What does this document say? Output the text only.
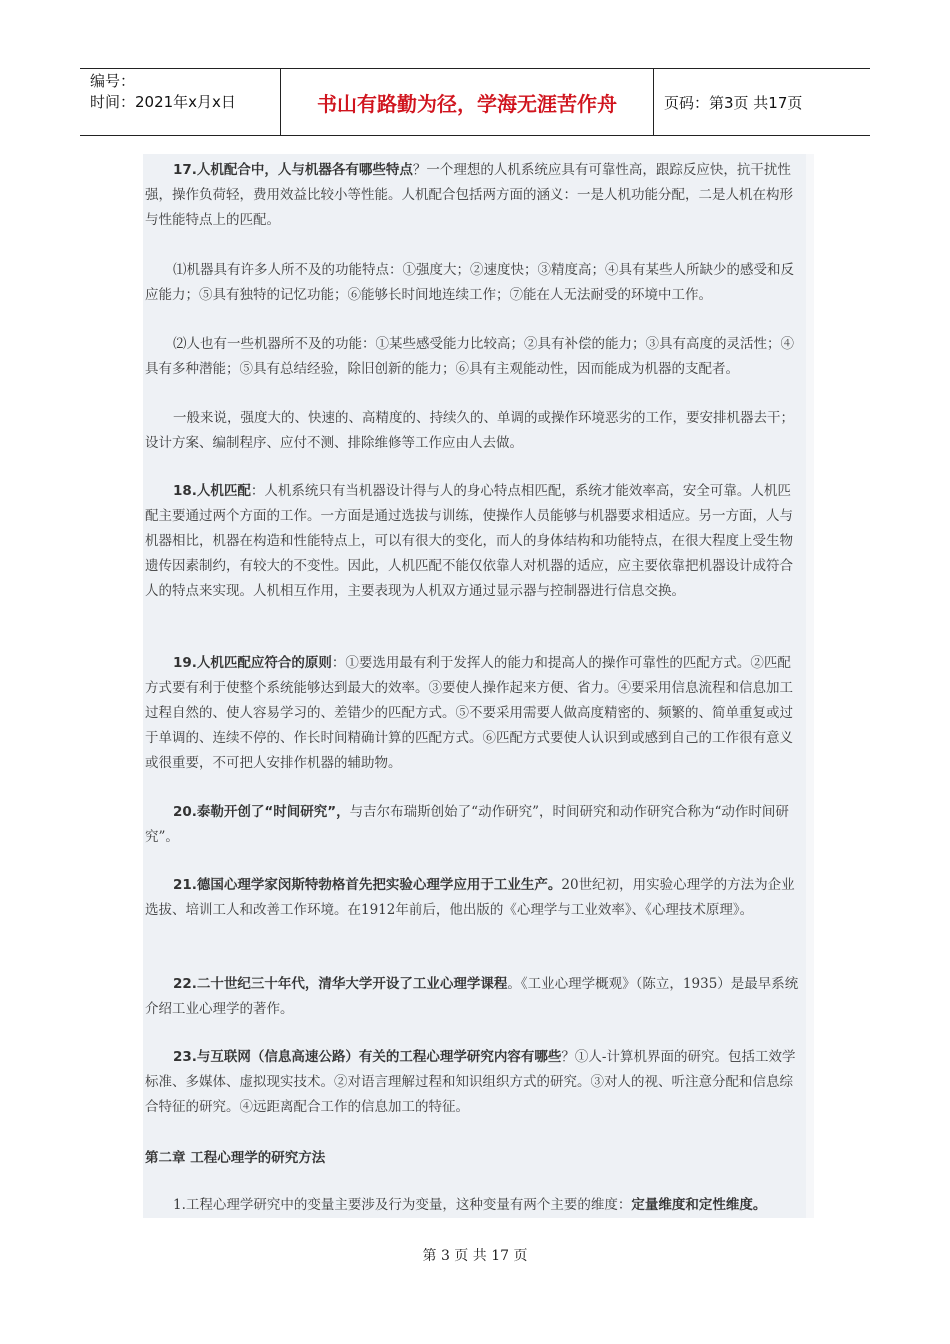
编号：
时间：2021年x月x日	书山有路勤为径，学海无涯苦作舟	页码：第3页 共17页

17.人机配合中，人与机器各有哪些特点？一个理想的人机系统应具有可靠性高，跟踪反应快，抗干扰性强，操作负荷轻，费用效益比较小等性能。人机配合包括两方面的涵义：一是人机功能分配，二是人机在构形与性能特点上的匹配。

⑴机器具有许多人所不及的功能特点：①强度大；②速度快；③精度高；④具有某些人所缺少的感受和反应能力；⑤具有独特的记忆功能；⑥能够长时间地连续工作；⑦能在人无法耐受的环境中工作。

⑵人也有一些机器所不及的功能：①某些感受能力比较高；②具有补偿的能力；③具有高度的灵活性；④具有多种潜能；⑤具有总结经验，除旧创新的能力；⑥具有主观能动性，因而能成为机器的支配者。

一般来说，强度大的、快速的、高精度的、持续久的、单调的或操作环境恶劣的工作，要安排机器去干；设计方案、编制程序、应付不测、排除维修等工作应由人去做。

18.人机匹配：人机系统只有当机器设计得与人的身心特点相匹配，系统才能效率高，安全可靠。人机匹配主要通过两个方面的工作。一方面是通过选拔与训练，使操作人员能够与机器要求相适应。另一方面，人与机器相比，机器在构造和性能特点上，可以有很大的变化，而人的身体结构和功能特点，在很大程度上受生物遗传因素制约，有较大的不变性。因此，人机匹配不能仅依靠人对机器的适应，应主要依靠把机器设计成符合人的特点来实现。人机相互作用，主要表现为人机双方通过显示器与控制器进行信息交换。

19.人机匹配应符合的原则：①要选用最有利于发挥人的能力和提高人的操作可靠性的匹配方式。②匹配方式要有利于使整个系统能够达到最大的效率。③要使人操作起来方便、省力。④要采用信息流程和信息加工过程自然的、使人容易学习的、差错少的匹配方式。⑤不要采用需要人做高度精密的、频繁的、简单重复或过于单调的、连续不停的、作长时间精确计算的匹配方式。⑥匹配方式要使人认识到或感到自己的工作很有意义或很重要，不可把人安排作机器的辅助物。

20.泰勒开创了“时间研究”，与吉尔布瑞斯创始了“动作研究”，时间研究和动作研究合称为“动作时间研究”。

21.德国心理学家闵斯特勃格首先把实验心理学应用于工业生产。20世纪初，用实验心理学的方法为企业选拔、培训工人和改善工作环境。在1912年前后，他出版的《心理学与工业效率》、《心理技术原理》。

22.二十世纪三十年代，清华大学开设了工业心理学课程。《工业心理学概观》（陈立，1935）是最早系统介绍工业心理学的著作。

23.与互联网（信息高速公路）有关的工程心理学研究内容有哪些？①人-计算机界面的研究。包括工效学标准、多媒体、虚拟现实技术。②对语言理解过程和知识组织方式的研究。③对人的视、听注意分配和信息综合特征的研究。④远距离配合工作的信息加工的特征。

第二章 工程心理学的研究方法

1.工程心理学研究中的变量主要涉及行为变量，这种变量有两个主要的维度：定量维度和定性维度。

第 3 页 共 17 页
